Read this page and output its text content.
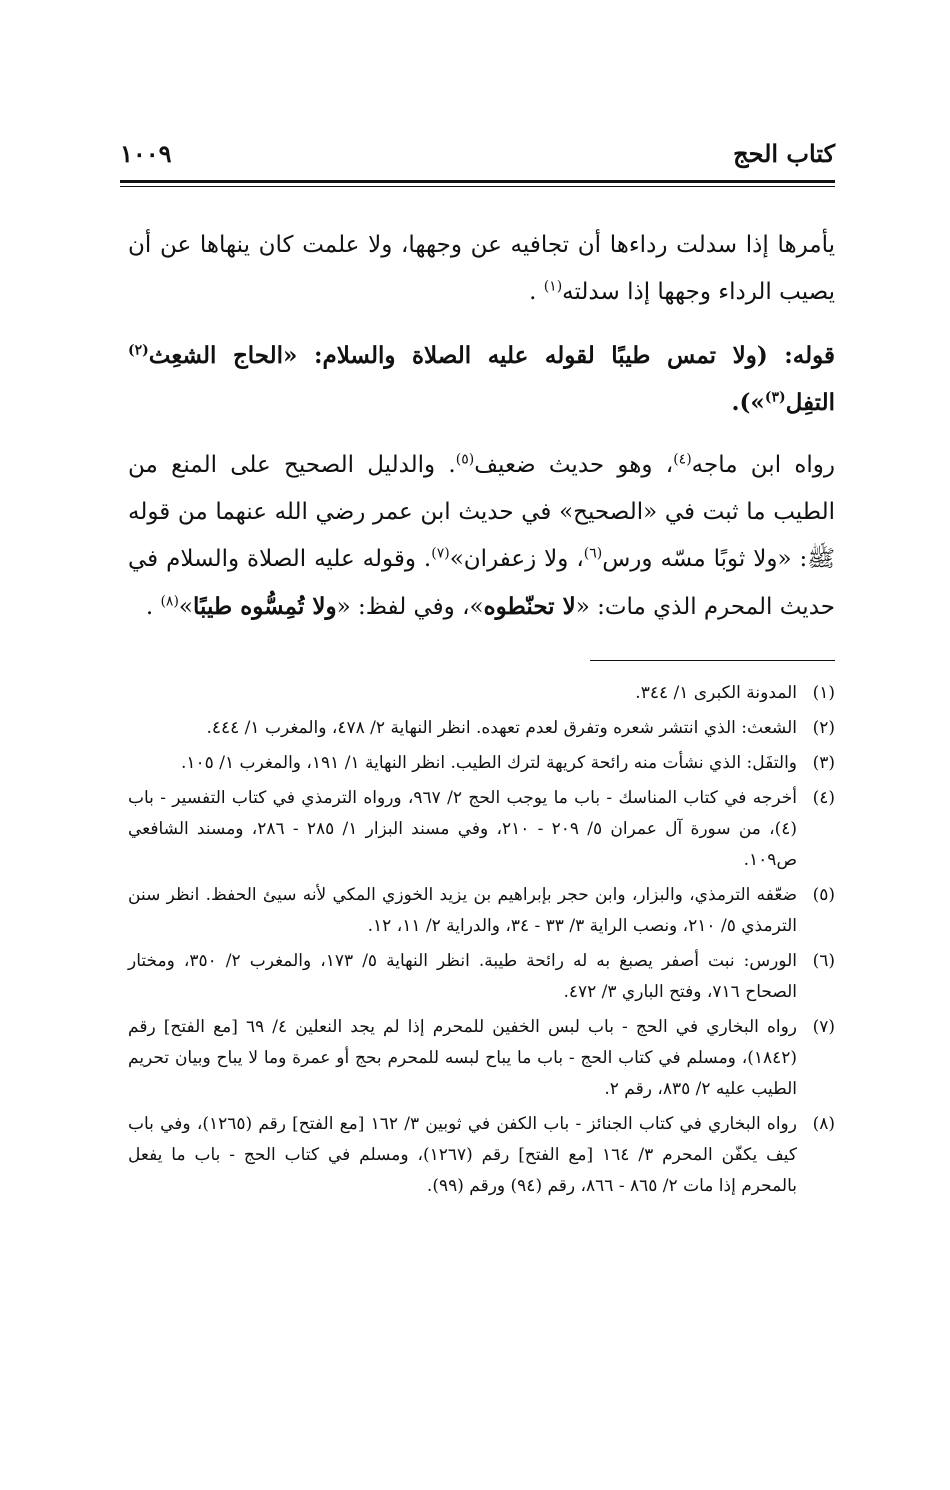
كتاب الحج
١٠٠٩

يأمرها إذا سدلت رداءها أن تجافيه عن وجهها، ولا علمت كان ينهاها عن أن يصيب الرداء وجهها إذا سدلته$^{(١)}$ .

قوله: (ولا تمس طيبًا لقوله عليه الصلاة والسلام: «الحاج الشعِث$^{(٢)}$ التفِل$^{(٣)}$»).

رواه ابن ماجه$^{(٤)}$، وهو حديث ضعيف$^{(٥)}$. والدليل الصحيح على المنع من الطيب ما ثبت في «الصحيح» في حديث ابن عمر رضي الله عنهما من قوله ﷺ: «ولا ثوبًا مسّه ورس$^{(٦)}$، ولا زعفران»$^{(٧)}$. وقوله عليه الصلاة والسلام في حديث المحرم الذي مات: «لا تحنّطوه»، وفي لفظ: «ولا تُمِسُّوه طيبًا»$^{(٨)}$ .

(١)
المدونة الكبرى ١/ ٣٤٤.

(٢)
الشعث: الذي انتشر شعره وتفرق لعدم تعهده. انظر النهاية ٢/ ٤٧٨، والمغرب ١/ ٤٤٤.

(٣)
والتفَل: الذي نشأت منه رائحة كريهة لترك الطيب. انظر النهاية ١/ ١٩١، والمغرب ١/ ١٠٥.

(٤)
أخرجه في كتاب المناسك - باب ما يوجب الحج ٢/ ٩٦٧، ورواه الترمذي في كتاب التفسير - باب (٤)، من سورة آل عمران ٥/ ٢٠٩ - ٢١٠، وفي مسند البزار ١/ ٢٨٥ - ٢٨٦، ومسند الشافعي ص١٠٩.

(٥)
ضعّفه الترمذي، والبزار، وابن حجر بإبراهيم بن يزيد الخوزي المكي لأنه سيئ الحفظ. انظر سنن الترمذي ٥/ ٢١٠، ونصب الراية ٣/ ٣٣ - ٣٤، والدراية ٢/ ١١، ١٢.

(٦)
الورس: نبت أصفر يصبغ به له رائحة طيبة. انظر النهاية ٥/ ١٧٣، والمغرب ٢/ ٣٥٠، ومختار الصحاح ٧١٦، وفتح الباري ٣/ ٤٧٢.

(٧)
رواه البخاري في الحج - باب لبس الخفين للمحرم إذا لم يجد النعلين ٤/ ٦٩ [مع الفتح] رقم (١٨٤٢)، ومسلم في كتاب الحج - باب ما يباح لبسه للمحرم بحج أو عمرة وما لا يباح وبيان تحريم الطيب عليه ٢/ ٨٣٥، رقم ٢.

(٨)
رواه البخاري في كتاب الجنائز - باب الكفن في ثوبين ٣/ ١٦٢ [مع الفتح] رقم (١٢٦٥)، وفي باب كيف يكفّن المحرم ٣/ ١٦٤ [مع الفتح] رقم (١٢٦٧)، ومسلم في كتاب الحج - باب ما يفعل بالمحرم إذا مات ٢/ ٨٦٥ - ٨٦٦، رقم (٩٤) ورقم (٩٩).
